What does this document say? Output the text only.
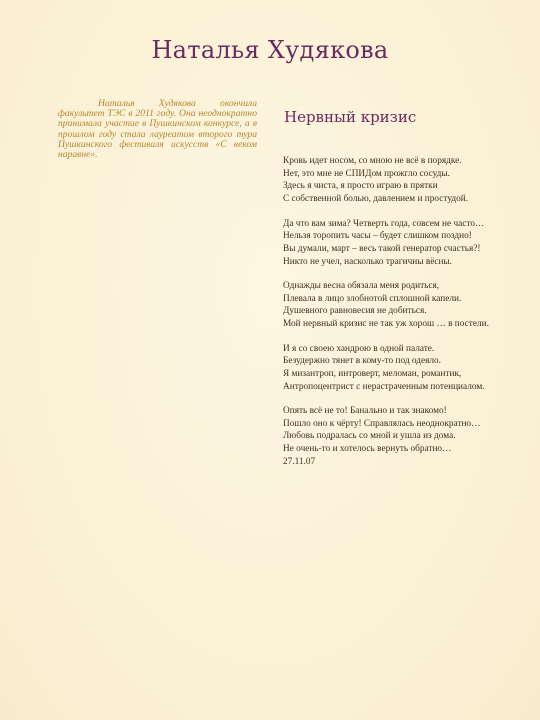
Наталья Худякова
Наталья Худякова окончила факультет ТЭС в 2011 году. Она неоднократно принимала участие в Пушкинском конкурсе, а в прошлом году стала лауреатом второго тура Пушкинского фестиваля искусств «С веком наравне».
Нервный кризис
Кровь идет носом, со мною не всё в порядке.
Нет, это мне не СПИДом прожгло сосуды.
Здесь я чиста, я просто играю в прятки
С собственной болью, давлением и простудой.
Да что вам зима? Четверть года, совсем не часто…
Нельзя торопить часы – будет слишком поздно!
Вы думали, март – весь такой генератор счастья?!
Никто не учел, насколько трагичны вёсны.
Однажды весна обязала меня родиться,
Плевала в лицо злобнотой сплошной капели.
Душевного равновесия не добиться.
Мой нервный кризис не так уж хорош … в постели.
И я со своею хандрою в одной палате.
Безудержно тянет в кому-то под одеяло.
Я мизантроп, интроверт, меломан, романтик,
Антропоцентрист с нерастраченным потенциалом.
Опять всё не то! Банально и так знакомо!
Пошло оно к чёрту! Справлялась неоднократно…
Любовь подралась со мной и ушла из дома.
Не очень-то и хотелось вернуть обратно…
27.11.07
